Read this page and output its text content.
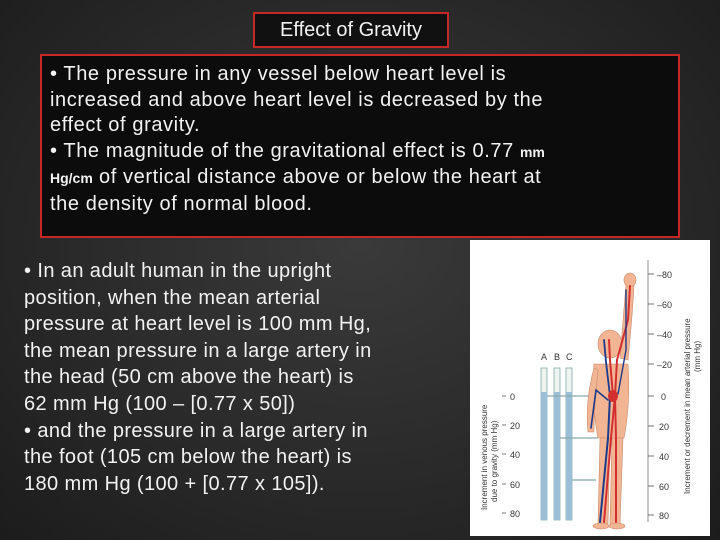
Effect of Gravity
• The pressure in any vessel below heart level is
increased and above heart level is decreased by the
effect of gravity.
• The magnitude of the gravitational effect is 0.77 mm
Hg/cm of vertical distance above or below the heart at
the density of normal blood.
• In an adult human in the upright
position, when the mean arterial
pressure at heart level is 100 mm Hg,
the mean pressure in a large artery in
the head (50 cm above the heart) is
62 mm Hg (100 – [0.77 x 50])
• and the pressure in a large artery in
the foot (105 cm below the heart) is
180 mm Hg (100 + [0.77 x 105]).	Increment in venous pressure due to gravity (mm Hg)
0
20
40
60
80
A B C
–80
–60
–40
–20
0
20
40
60
80
Increment or decrement in mean arterial pressure (mm Hg)
